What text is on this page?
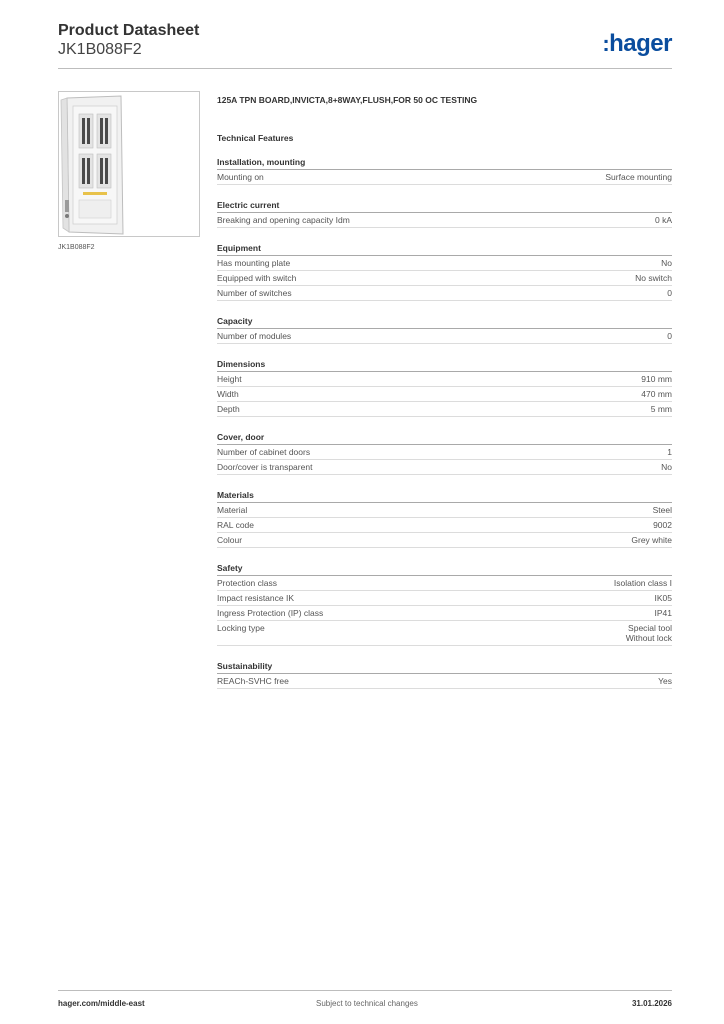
Product Datasheet
JK1B088F2	:hager
JK1B088F2
125A TPN BOARD,INVICTA,8+8WAY,FLUSH,FOR 50 OC TESTING
Technical Features
Installation, mounting
Mounting on	Surface mounting
Electric current
Breaking and opening capacity Idm	0 kA
Equipment
Has mounting plate	No
Equipped with switch	No switch
Number of switches	0
Capacity
Number of modules	0
Dimensions
Height	910 mm
Width	470 mm
Depth	5 mm
Cover, door
Number of cabinet doors	1
Door/cover is transparent	No
Materials
Material	Steel
RAL code	9002
Colour	Grey white
Safety
Protection class	Isolation class I
Impact resistance IK	IK05
Ingress Protection (IP) class	IP41
Locking type	Special tool
Without lock
Sustainability
REACh-SVHC free	Yes
hager.com/middle-east	Subject to technical changes	31.01.2026
